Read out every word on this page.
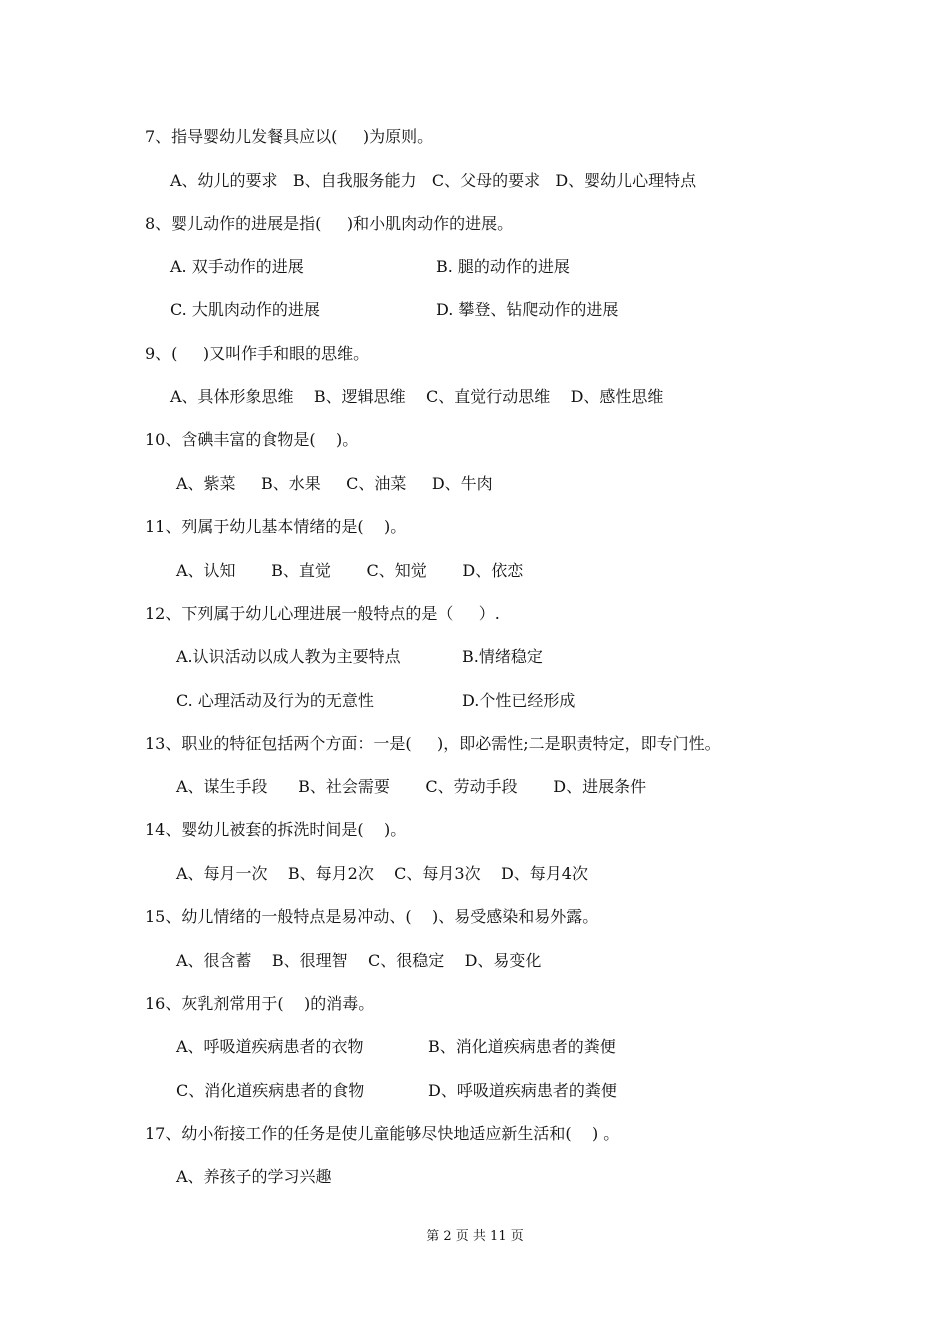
7、指导婴幼儿发餐具应以(     )为原则。
A、幼儿的要求   B、自我服务能力   C、父母的要求   D、婴幼儿心理特点
8、婴儿动作的进展是指(     )和小肌肉动作的进展。
A. 双手动作的进展	B. 腿的动作的进展
C. 大肌肉动作的进展	D. 攀登、钻爬动作的进展
9、(     )又叫作手和眼的思维。
A、具体形象思维    B、逻辑思维    C、直觉行动思维    D、感性思维
10、含碘丰富的食物是(    )。
A、紫菜     B、水果     C、油菜     D、牛肉
11、列属于幼儿基本情绪的是(    )。
A、认知       B、直觉       C、知觉       D、依恋
12、下列属于幼儿心理进展一般特点的是（     ）.
A.认识活动以成人教为主要特点	B.情绪稳定
C. 心理活动及行为的无意性	D.个性已经形成
13、职业的特征包括两个方面：一是(     )，即必需性;二是职责特定，即专门性。
A、谋生手段      B、社会需要       C、劳动手段       D、进展条件
14、婴幼儿被套的拆洗时间是(    )。
A、每月一次    B、每月2次    C、每月3次    D、每月4次
15、幼儿情绪的一般特点是易冲动、(    )、易受感染和易外露。
A、很含蓄    B、很理智    C、很稳定    D、易变化
16、灰乳剂常用于(    )的消毒。
A、呼吸道疾病患者的衣物	B、消化道疾病患者的粪便
C、消化道疾病患者的食物	D、呼吸道疾病患者的粪便
17、幼小衔接工作的任务是使儿童能够尽快地适应新生活和(    ) 。
A、养孩子的学习兴趣
第 2 页 共 11 页
